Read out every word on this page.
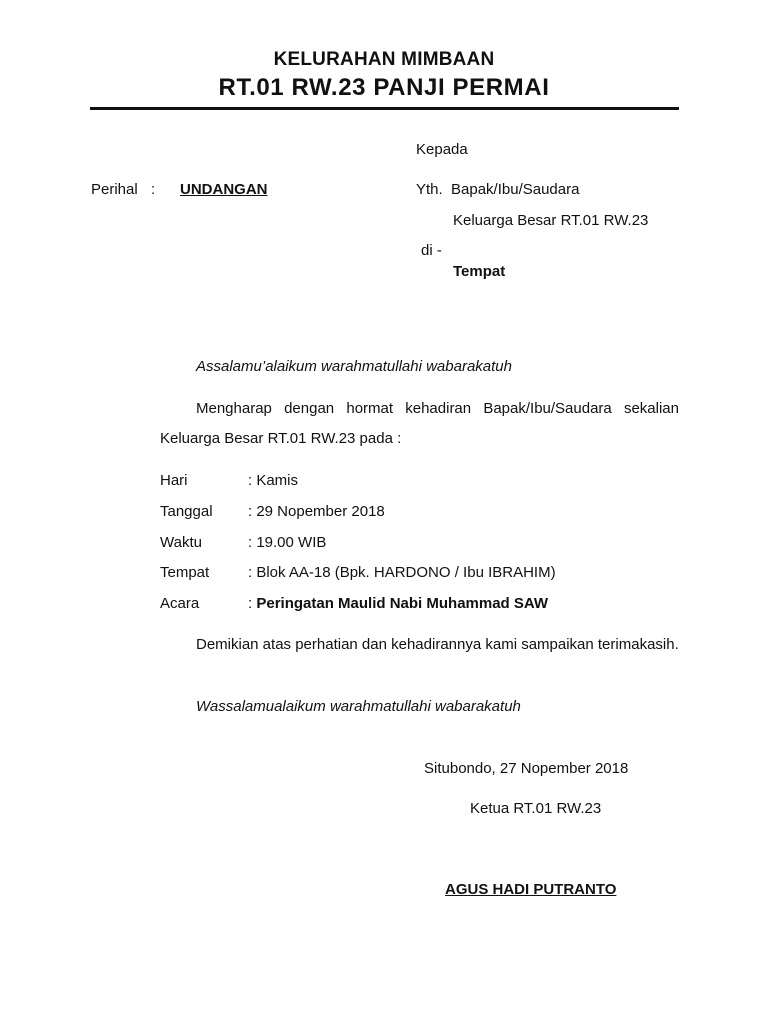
KELURAHAN MIMBAAN
RT.01 RW.23 PANJI PERMAI
Kepada
Perihal : UNDANGAN	Yth.  Bapak/Ibu/Saudara
Keluarga Besar RT.01 RW.23
di -
Tempat
Assalamu’alaikum warahmatullahi wabarakatuh
Mengharap dengan hormat kehadiran Bapak/Ibu/Saudara sekalian Keluarga Besar RT.01 RW.23 pada :
Hari	: Kamis
Tanggal : 29 Nopember 2018
Waktu	: 19.00 WIB
Tempat	: Blok AA-18 (Bpk. HARDONO / Ibu IBRAHIM)
Acara	: Peringatan Maulid Nabi Muhammad SAW
Demikian atas perhatian dan kehadirannya kami sampaikan terimakasih.
Wassalamualaikum warahmatullahi wabarakatuh
Situbondo, 27 Nopember 2018
Ketua RT.01 RW.23
AGUS HADI PUTRANTO
